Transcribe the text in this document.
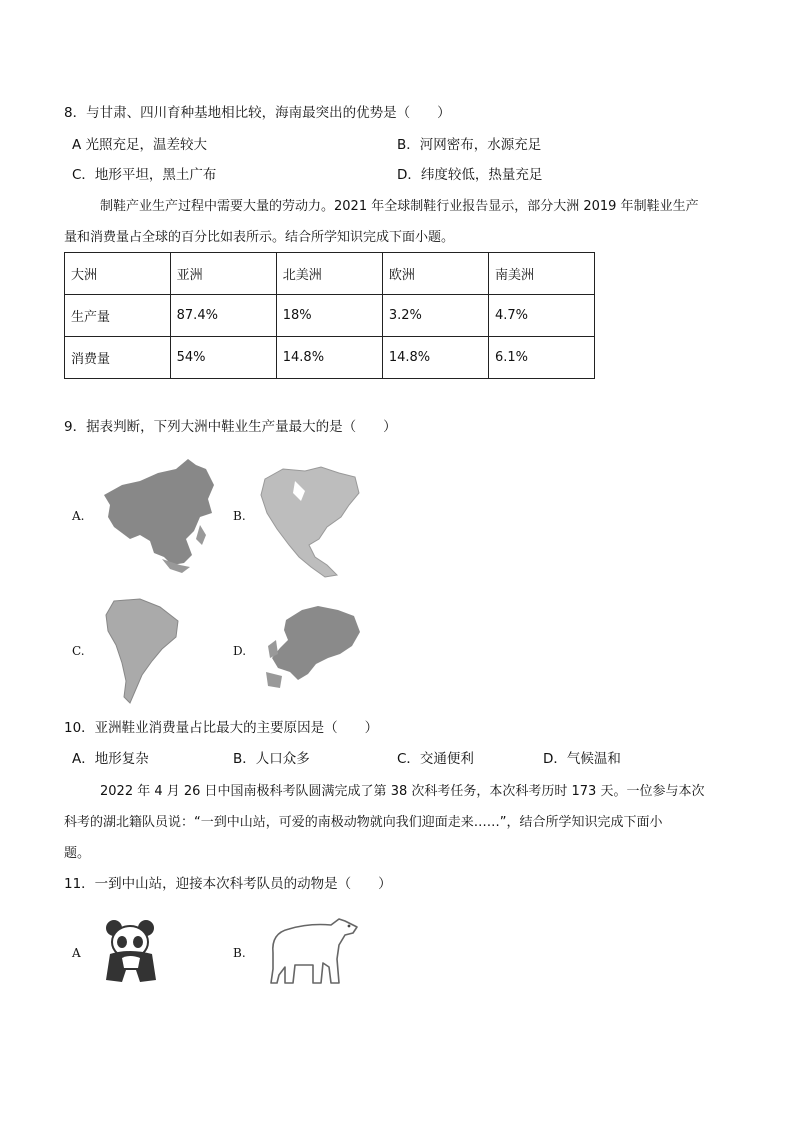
8．与甘肃、四川育种基地相比较，海南最突出的优势是（　　）
A 光照充足，温差较大	B．河网密布，水源充足
C．地形平坦，黑土广布	D．纬度较低，热量充足
制鞋产业生产过程中需要大量的劳动力。2021 年全球制鞋行业报告显示，部分大洲 2019 年制鞋业生产
量和消费量占全球的百分比如表所示。结合所学知识完成下面小题。
大洲	亚洲	北美洲	欧洲	南美洲
生产量	87.4%	18%	3.2%	4.7%
消费量	54%	14.8%	14.8%	6.1%
9．据表判断，下列大洲中鞋业生产量最大的是（　　）
A.	B.
C.	D.
10．亚洲鞋业消费量占比最大的主要原因是（　　）
A．地形复杂	B．人口众多	C．交通便利	D．气候温和
2022 年 4 月 26 日中国南极科考队圆满完成了第 38 次科考任务，本次科考历时 173 天。一位参与本次
科考的湖北籍队员说：“一到中山站，可爱的南极动物就向我们迎面走来……”，结合所学知识完成下面小
题。
11．一到中山站，迎接本次科考队员的动物是（　　）
A	B.
